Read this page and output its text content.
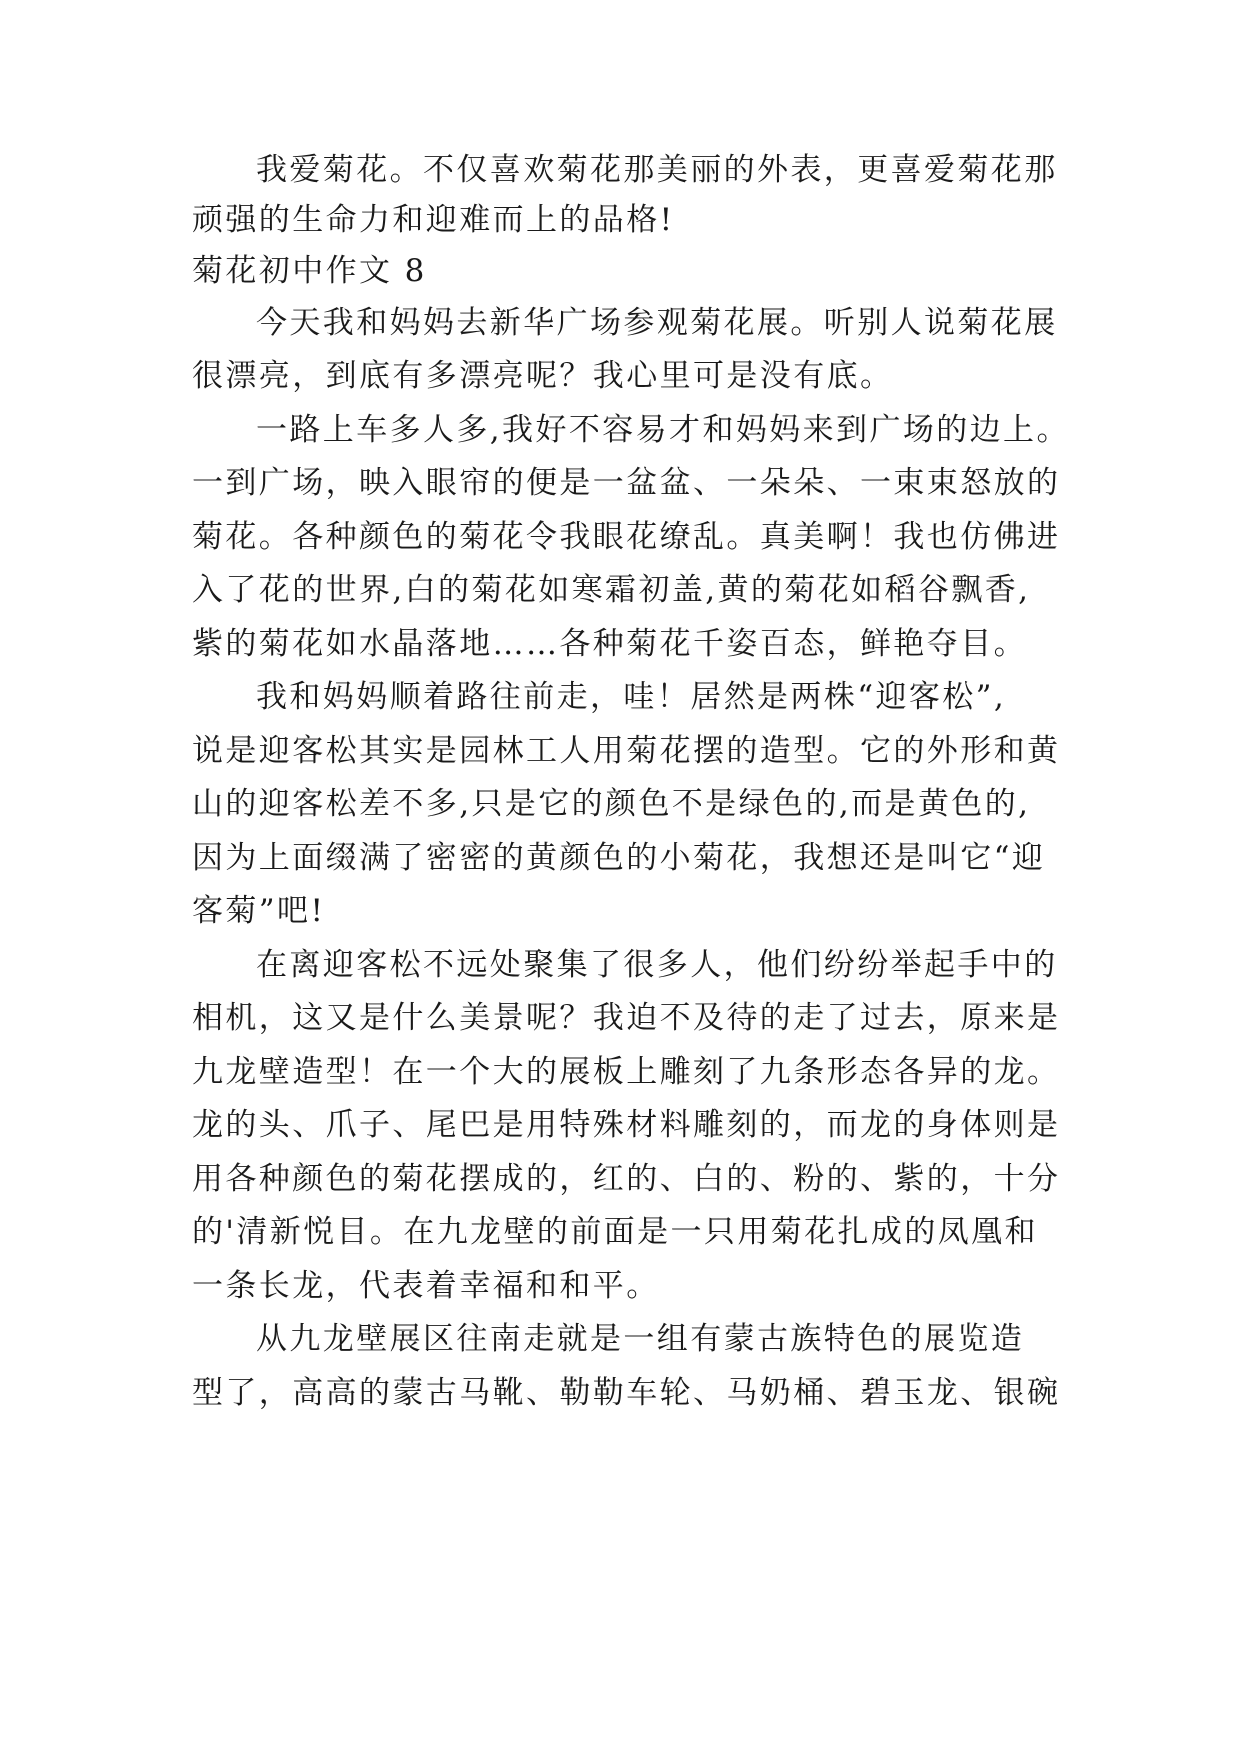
我爱菊花。不仅喜欢菊花那美丽的外表，更喜爱菊花那
顽强的生命力和迎难而上的品格!
菊花初中作文 8
今天我和妈妈去新华广场参观菊花展。听别人说菊花展
很漂亮，到底有多漂亮呢？我心里可是没有底。
一路上车多人多,我好不容易才和妈妈来到广场的边上。
一到广场，映入眼帘的便是一盆盆、一朵朵、一束束怒放的
菊花。各种颜色的菊花令我眼花缭乱。真美啊！我也仿佛进
入了花的世界,白的菊花如寒霜初盖,黄的菊花如稻谷飘香,
紫的菊花如水晶落地……各种菊花千姿百态，鲜艳夺目。
我和妈妈顺着路往前走，哇！居然是两株“迎客松”,
说是迎客松其实是园林工人用菊花摆的造型。它的外形和黄
山的迎客松差不多,只是它的颜色不是绿色的,而是黄色的,
因为上面缀满了密密的黄颜色的小菊花，我想还是叫它“迎
客菊”吧!
在离迎客松不远处聚集了很多人，他们纷纷举起手中的
相机，这又是什么美景呢？我迫不及待的走了过去，原来是
九龙壁造型！在一个大的展板上雕刻了九条形态各异的龙。
龙的头、爪子、尾巴是用特殊材料雕刻的，而龙的身体则是
用各种颜色的菊花摆成的，红的、白的、粉的、紫的，十分
的'清新悦目。在九龙壁的前面是一只用菊花扎成的凤凰和
一条长龙，代表着幸福和和平。
从九龙壁展区往南走就是一组有蒙古族特色的展览造
型了，高高的蒙古马靴、勒勒车轮、马奶桶、碧玉龙、银碗
